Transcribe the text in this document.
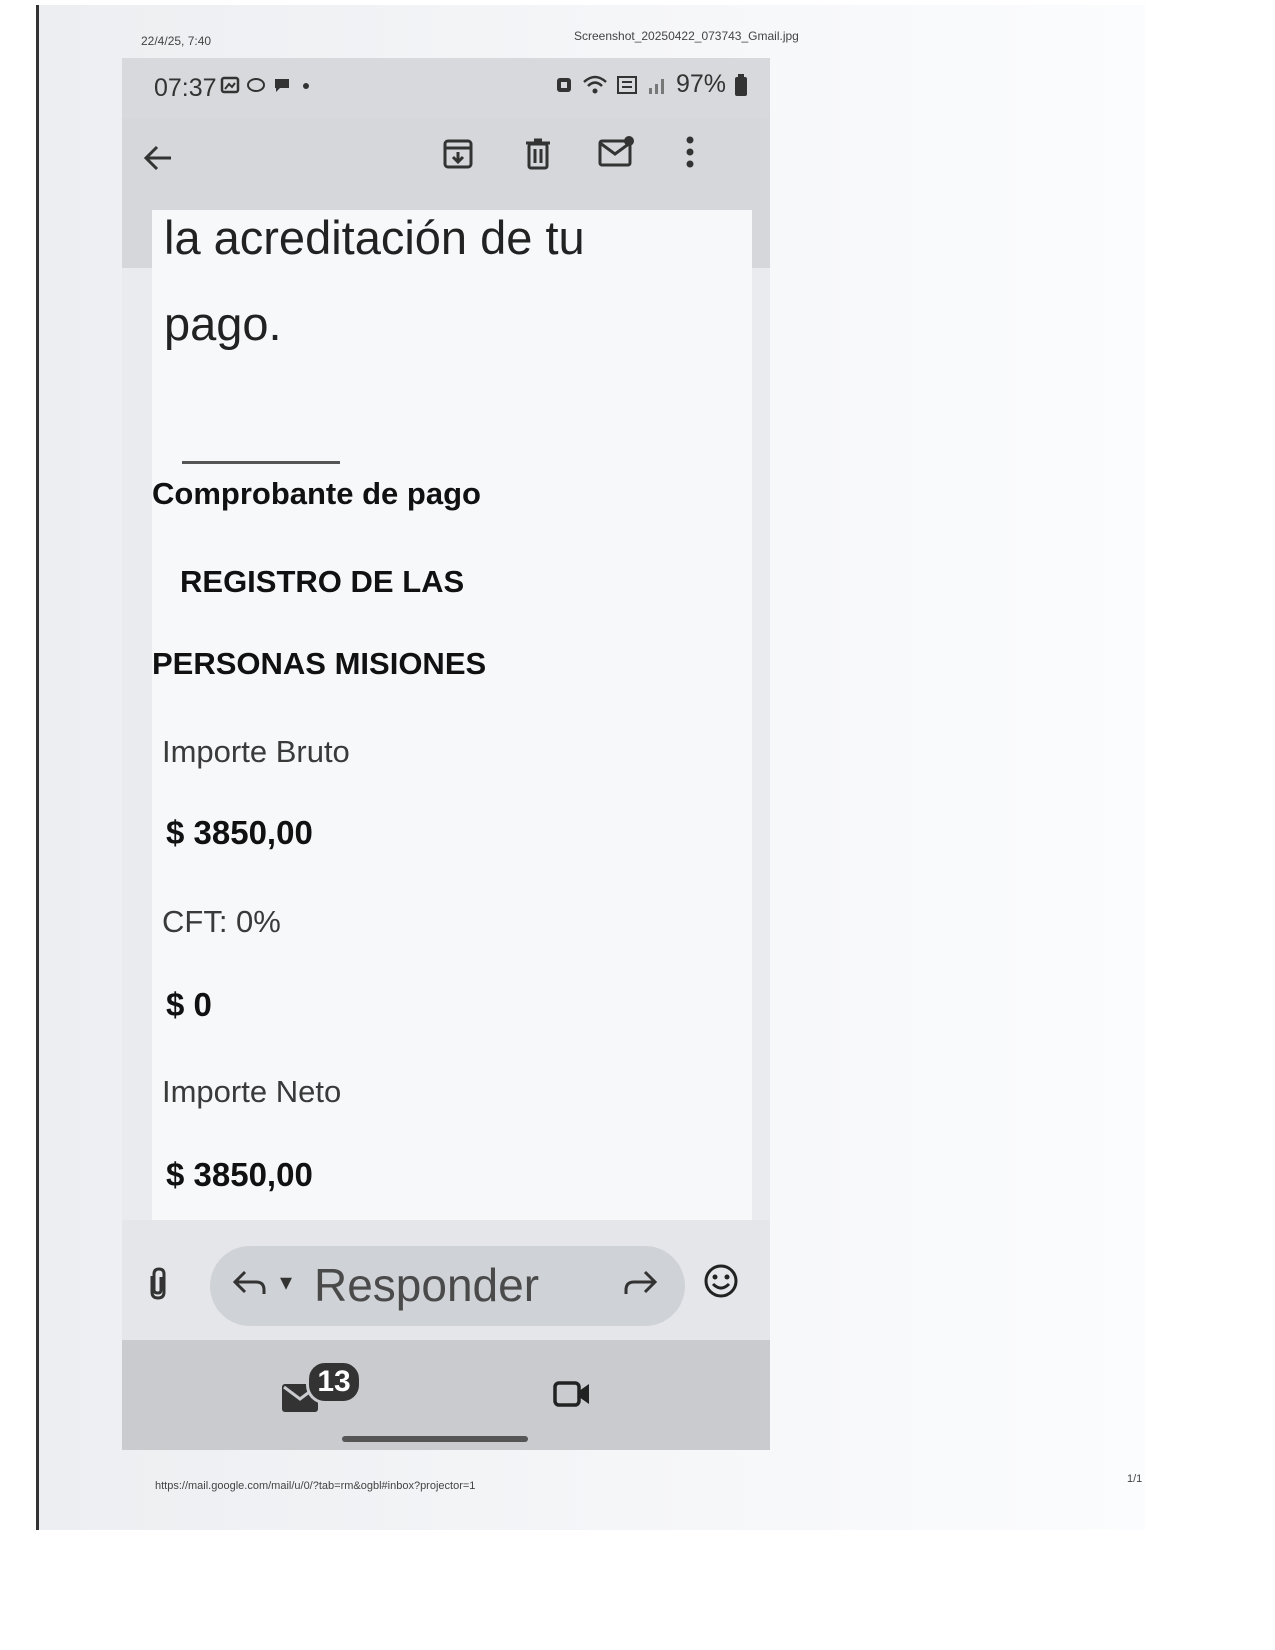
22/4/25, 7:40	Screenshot_20250422_073743_Gmail.jpg
https://mail.google.com/mail/u/0/?tab=rm&ogbl#inbox?projector=1
1/1
07:37	97%
la acreditación de tu
pago.
Comprobante de pago
REGISTRO DE LAS
PERSONAS MISIONES
Importe Bruto
$ 3850,00
CFT: 0%
$ 0
Importe Neto
$ 3850,00
▾ Responder
13
